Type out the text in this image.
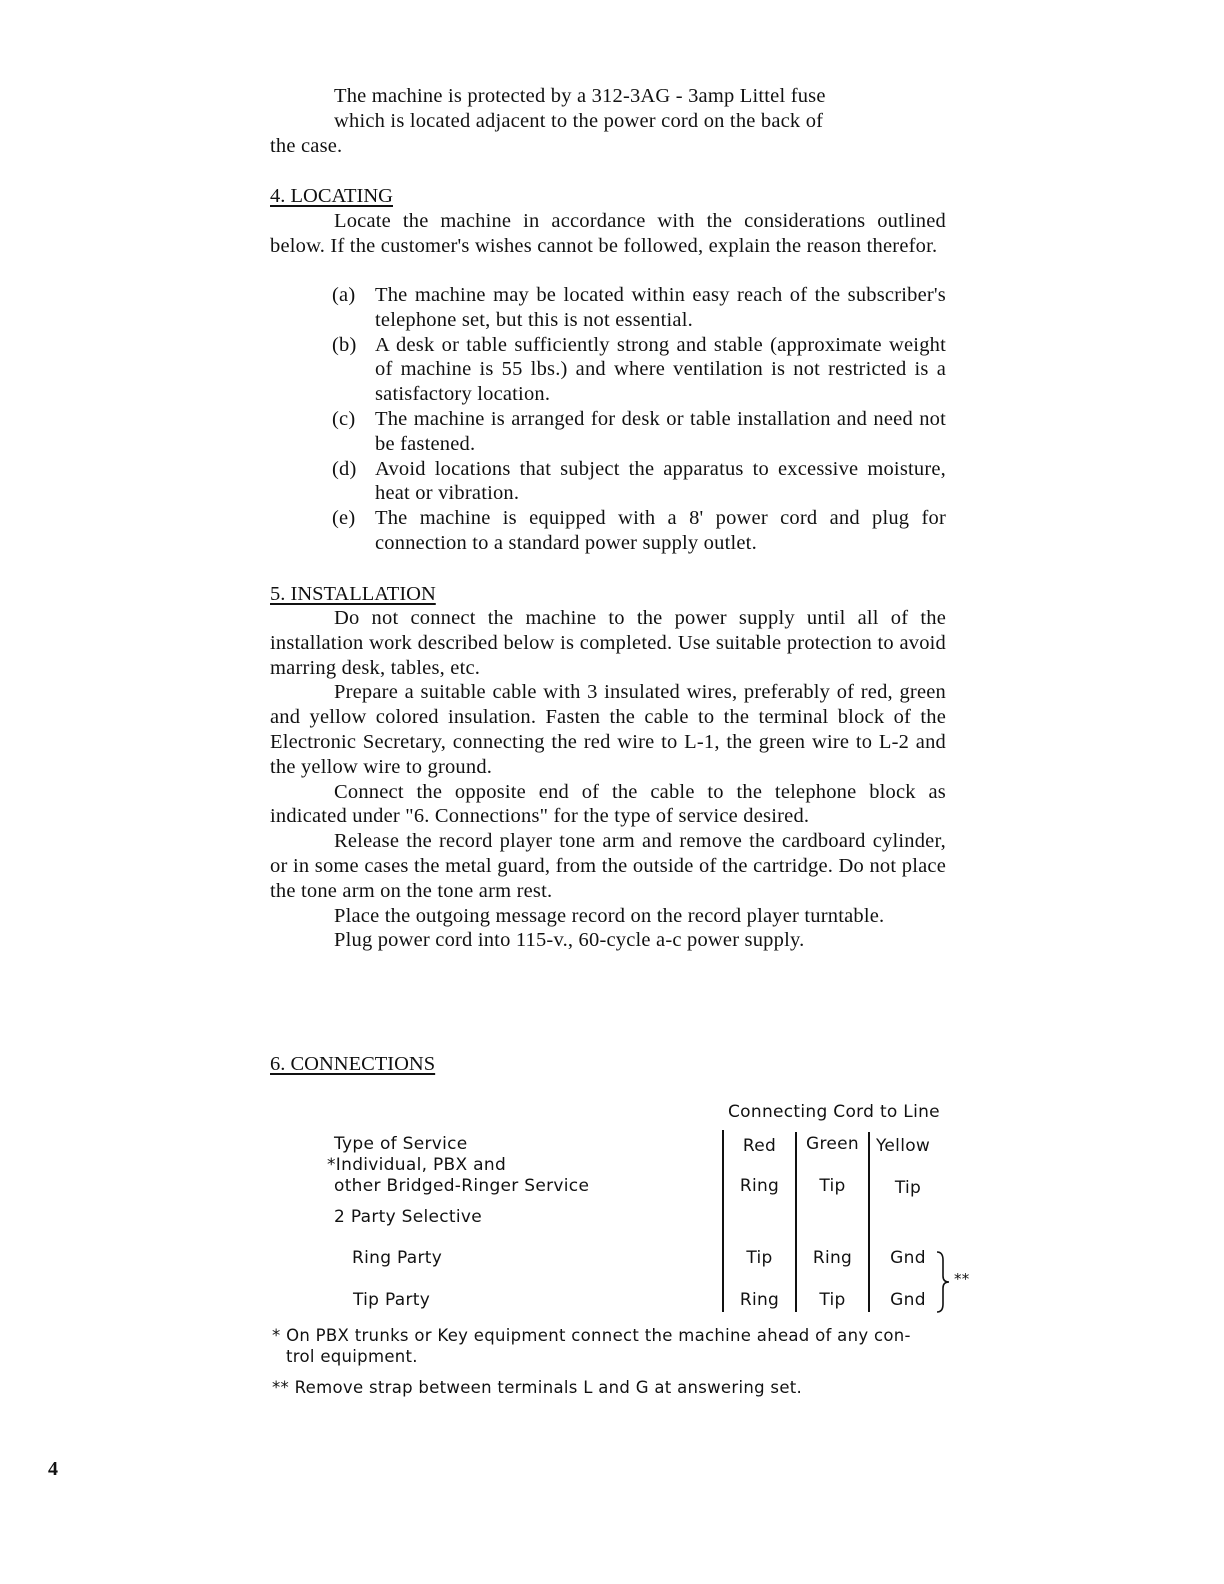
The machine is protected by a 312-3AG - 3amp Littel fuse
which is located adjacent to the power cord on the back of
the case.
4. LOCATING

Locate the machine in accordance with the considerations outlined below. If the customer's wishes cannot be followed, explain the reason therefor.

(a) The machine may be located within easy reach of the subscriber's telephone set, but this is not essential.
(b) A desk or table sufficiently strong and stable (approximate weight of machine is 55 lbs.) and where ventilation is not restricted is a satisfactory location.
(c) The machine is arranged for desk or table installation and need not be fastened.
(d) Avoid locations that subject the apparatus to excessive moisture, heat or vibration.
(e) The machine is equipped with a 8' power cord and plug for connection to a standard power supply outlet.
5. INSTALLATION

Do not connect the machine to the power supply until all of the installation work described below is completed. Use suitable protection to avoid marring desk, tables, etc.

Prepare a suitable cable with 3 insulated wires, preferably of red, green and yellow colored insulation. Fasten the cable to the terminal block of the Electronic Secretary, connecting the red wire to L-1, the green wire to L-2 and the yellow wire to ground.

Connect the opposite end of the cable to the telephone block as indicated under "6. Connections" for the type of service desired.

Release the record player tone arm and remove the cardboard cylinder, or in some cases the metal guard, from the outside of the cartridge. Do not place the tone arm on the tone arm rest.

Place the outgoing message record on the record player turntable.

Plug power cord into 115-v., 60-cycle a-c power supply.

6. CONNECTIONS
Connecting Cord to Line
Type of Service	Red	Green	Yellow
*Individual, PBX and
other Bridged-Ringer Service	Ring	Tip	Tip
2 Party Selective
Ring Party	Tip	Ring	Gnd
Tip Party	Ring	Tip	Gnd
**
* On PBX trunks or Key equipment connect the machine ahead of any con-
trol equipment.
** Remove strap between terminals L and G at answering set.
4
